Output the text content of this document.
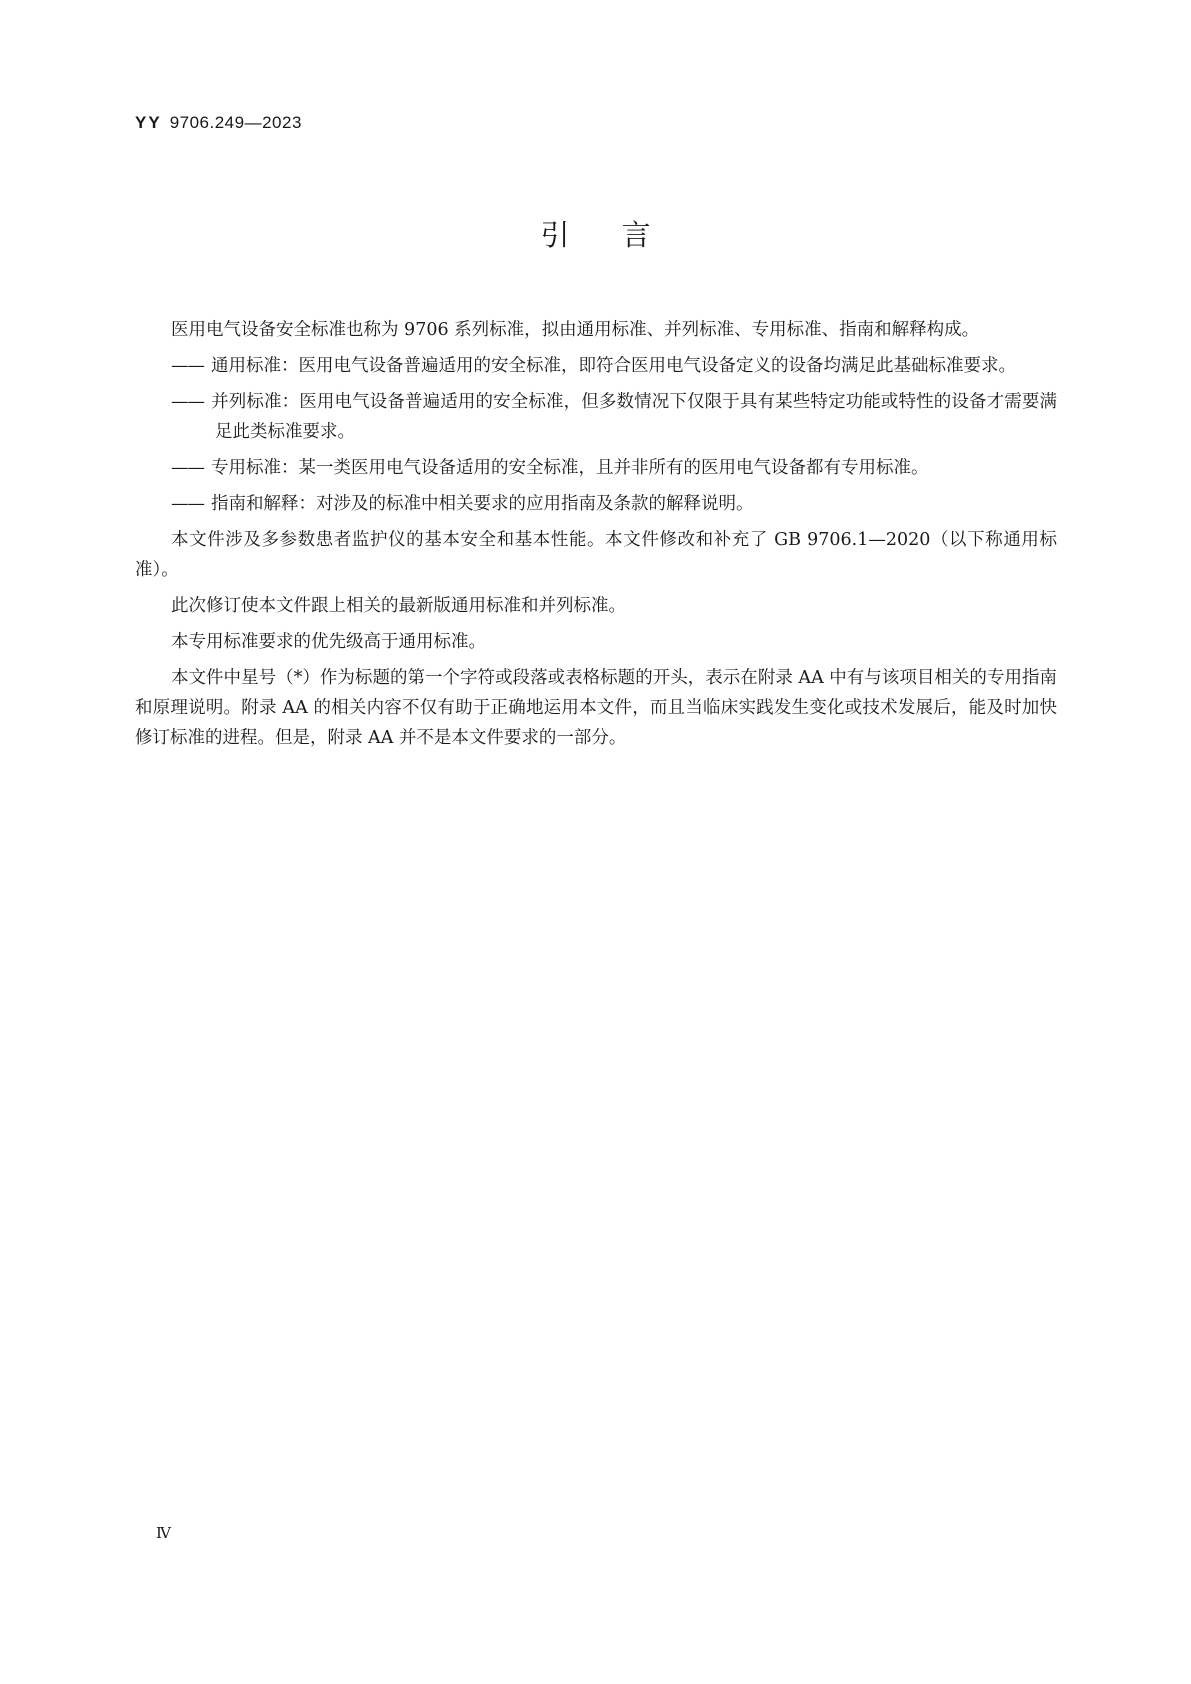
YY 9706.249—2023
引言

医用电气设备安全标准也称为 9706 系列标准，拟由通用标准、并列标准、专用标准、指南和解释构成。

—— 通用标准：医用电气设备普遍适用的安全标准，即符合医用电气设备定义的设备均满足此基础标准要求。

—— 并列标准：医用电气设备普遍适用的安全标准，但多数情况下仅限于具有某些特定功能或特性的设备才需要满足此类标准要求。

—— 专用标准：某一类医用电气设备适用的安全标准，且并非所有的医用电气设备都有专用标准。

—— 指南和解释：对涉及的标准中相关要求的应用指南及条款的解释说明。

本文件涉及多参数患者监护仪的基本安全和基本性能。本文件修改和补充了 GB 9706.1—2020（以下称通用标准）。

此次修订使本文件跟上相关的最新版通用标准和并列标准。

本专用标准要求的优先级高于通用标准。

本文件中星号（*）作为标题的第一个字符或段落或表格标题的开头，表示在附录 AA 中有与该项目相关的专用指南和原理说明。附录 AA 的相关内容不仅有助于正确地运用本文件，而且当临床实践发生变化或技术发展后，能及时加快修订标准的进程。但是，附录 AA 并不是本文件要求的一部分。

Ⅳ
